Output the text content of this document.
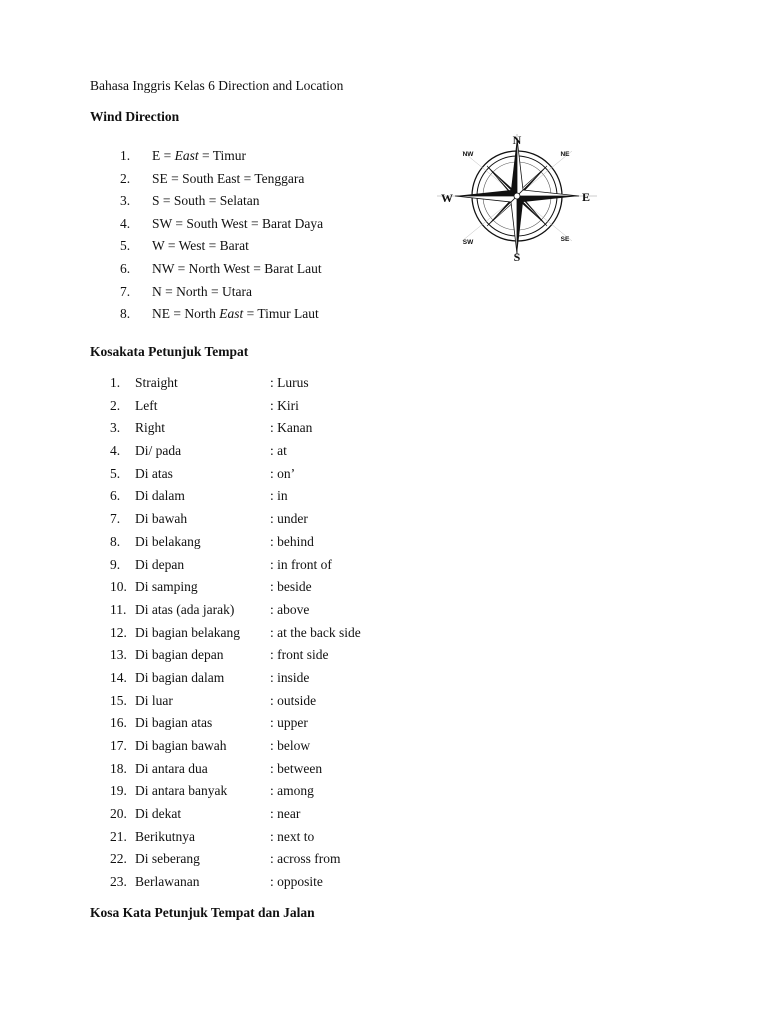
Bahasa Inggris Kelas 6 Direction and Location
Wind Direction
1.	E = East = Timur
2.	SE = South East = Tenggara
3.	S = South = Selatan
4.	SW = South West = Barat Daya
5.	W = West = Barat
6.	NW = North West = Barat Laut
7.	N = North = Utara
8.	NE = North East = Timur Laut
N
S
E
W
NW	NE
SW	SE
Kosakata Petunjuk Tempat
1.	Straight	: Lurus
2.	Left	: Kiri
3.	Right	: Kanan
4.	Di/ pada	: at
5.	Di atas	: on’
6.	Di dalam	: in
7.	Di bawah	: under
8.	Di belakang	: behind
9.	Di depan	: in front of
10. Di samping	: beside
11. Di atas (ada jarak)	: above
12. Di bagian belakang : at the back side
13. Di bagian depan	: front side
14. Di bagian dalam	: inside
15. Di luar	: outside
16. Di bagian atas	: upper
17. Di bagian bawah	: below
18. Di antara dua	: between
19. Di antara banyak	: among
20. Di dekat	: near
21. Berikutnya	: next to
22. Di seberang	: across from
23. Berlawanan	: opposite
Kosa Kata Petunjuk Tempat dan Jalan
